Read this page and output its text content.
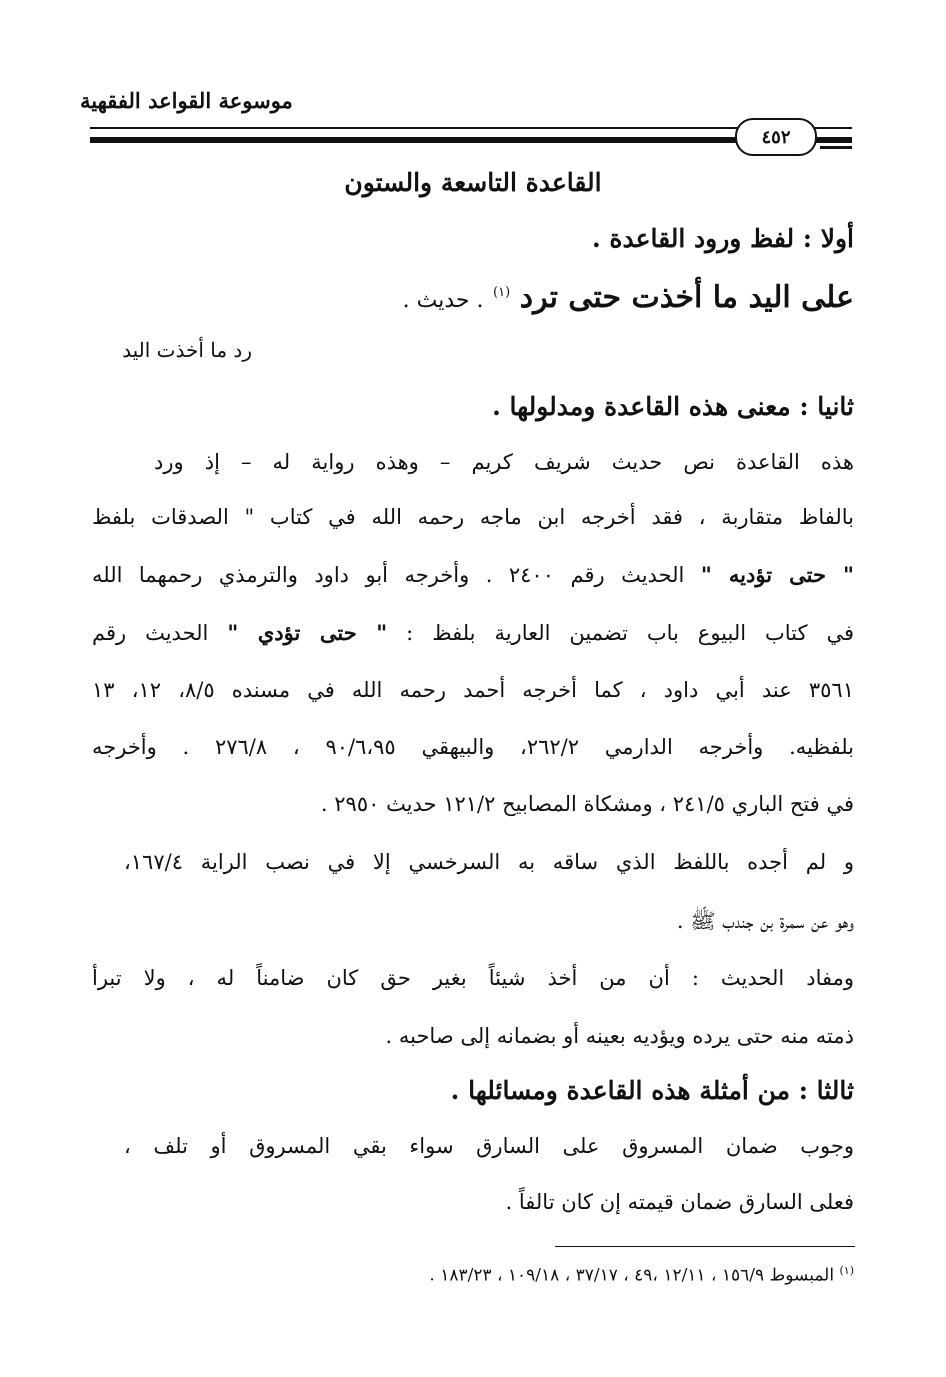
موسوعة القواعد الفقهية
٤٥٢
القاعدة التاسعة والستون
أولا : لفظ ورود القاعدة .
على اليد ما أخذت حتى ترد $^{(١)}$ . حديث .
رد ما أخذت اليد
ثانيا : معنى هذه القاعدة ومدلولها .
هذه القاعدة نص حديث شريف كريم – وهذه رواية له – إذ ورد
بالفاظ متقاربة ، فقد أخرجه ابن ماجه رحمه الله في كتاب " الصدقات بلفظ
" حتى تؤديه " الحديث رقم ٢٤٠٠ . وأخرجه أبو داود والترمذي رحمهما الله
في كتاب البيوع باب تضمين العارية بلفظ : " حتى تؤدي " الحديث رقم
٣٥٦١ عند أبي داود ، كما أخرجه أحمد رحمه الله في مسنده ٨/٥، ١٢، ١٣
بلفظيه. وأخرجه الدارمي ٢٦٢/٢، والبيهقي ٩٠/٦،٩٥ ، ٢٧٦/٨ . وأخرجه
في فتح الباري ٢٤١/٥ ، ومشكاة المصابيح ١٢١/٢ حديث ٢٩٥٠ .
و لم أجده باللفظ الذي ساقه به السرخسي إلا في نصب الراية ١٦٧/٤،
وهو عن سمرة بن جندب ﷺ .
ومفاد الحديث : أن من أخذ شيئاً بغير حق كان ضامناً له ، ولا تبرأ
ذمته منه حتى يرده ويؤديه بعينه أو بضمانه إلى صاحبه .
ثالثا : من أمثلة هذه القاعدة ومسائلها .
وجوب ضمان المسروق على السارق سواء بقي المسروق أو تلف ،
فعلى السارق ضمان قيمته إن كان تالفاً .
$^{(١)}$ المبسوط ١٥٦/٩ ، ١٢/١١ ،٤٩ ، ٣٧/١٧ ، ١٠٩/١٨ ، ١٨٣/٢٣ .
